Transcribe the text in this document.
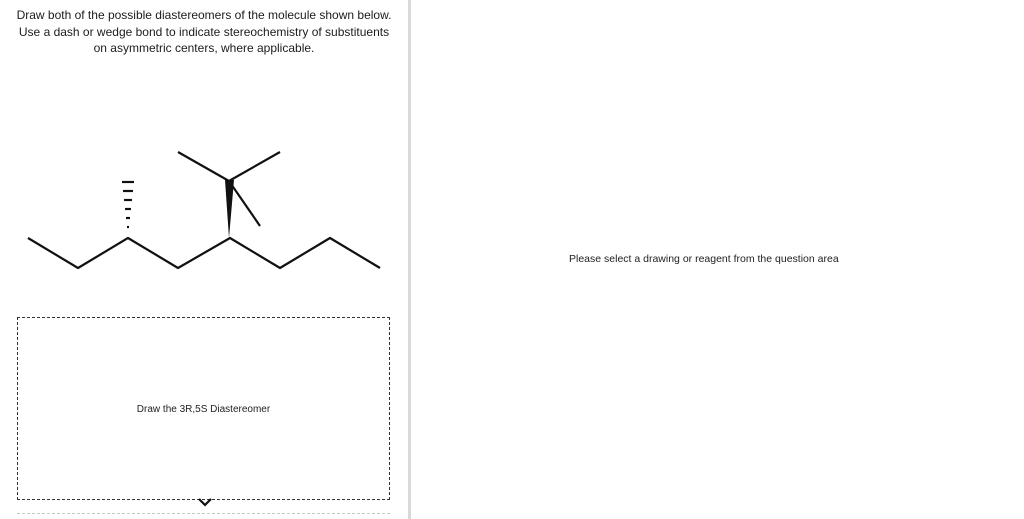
Draw both of the possible diastereomers of the molecule shown below. Use a dash or wedge bond to indicate stereochemistry of substituents on asymmetric centers, where applicable.
Draw the 3R,5S Diastereomer
Please select a drawing or reagent from the question area
